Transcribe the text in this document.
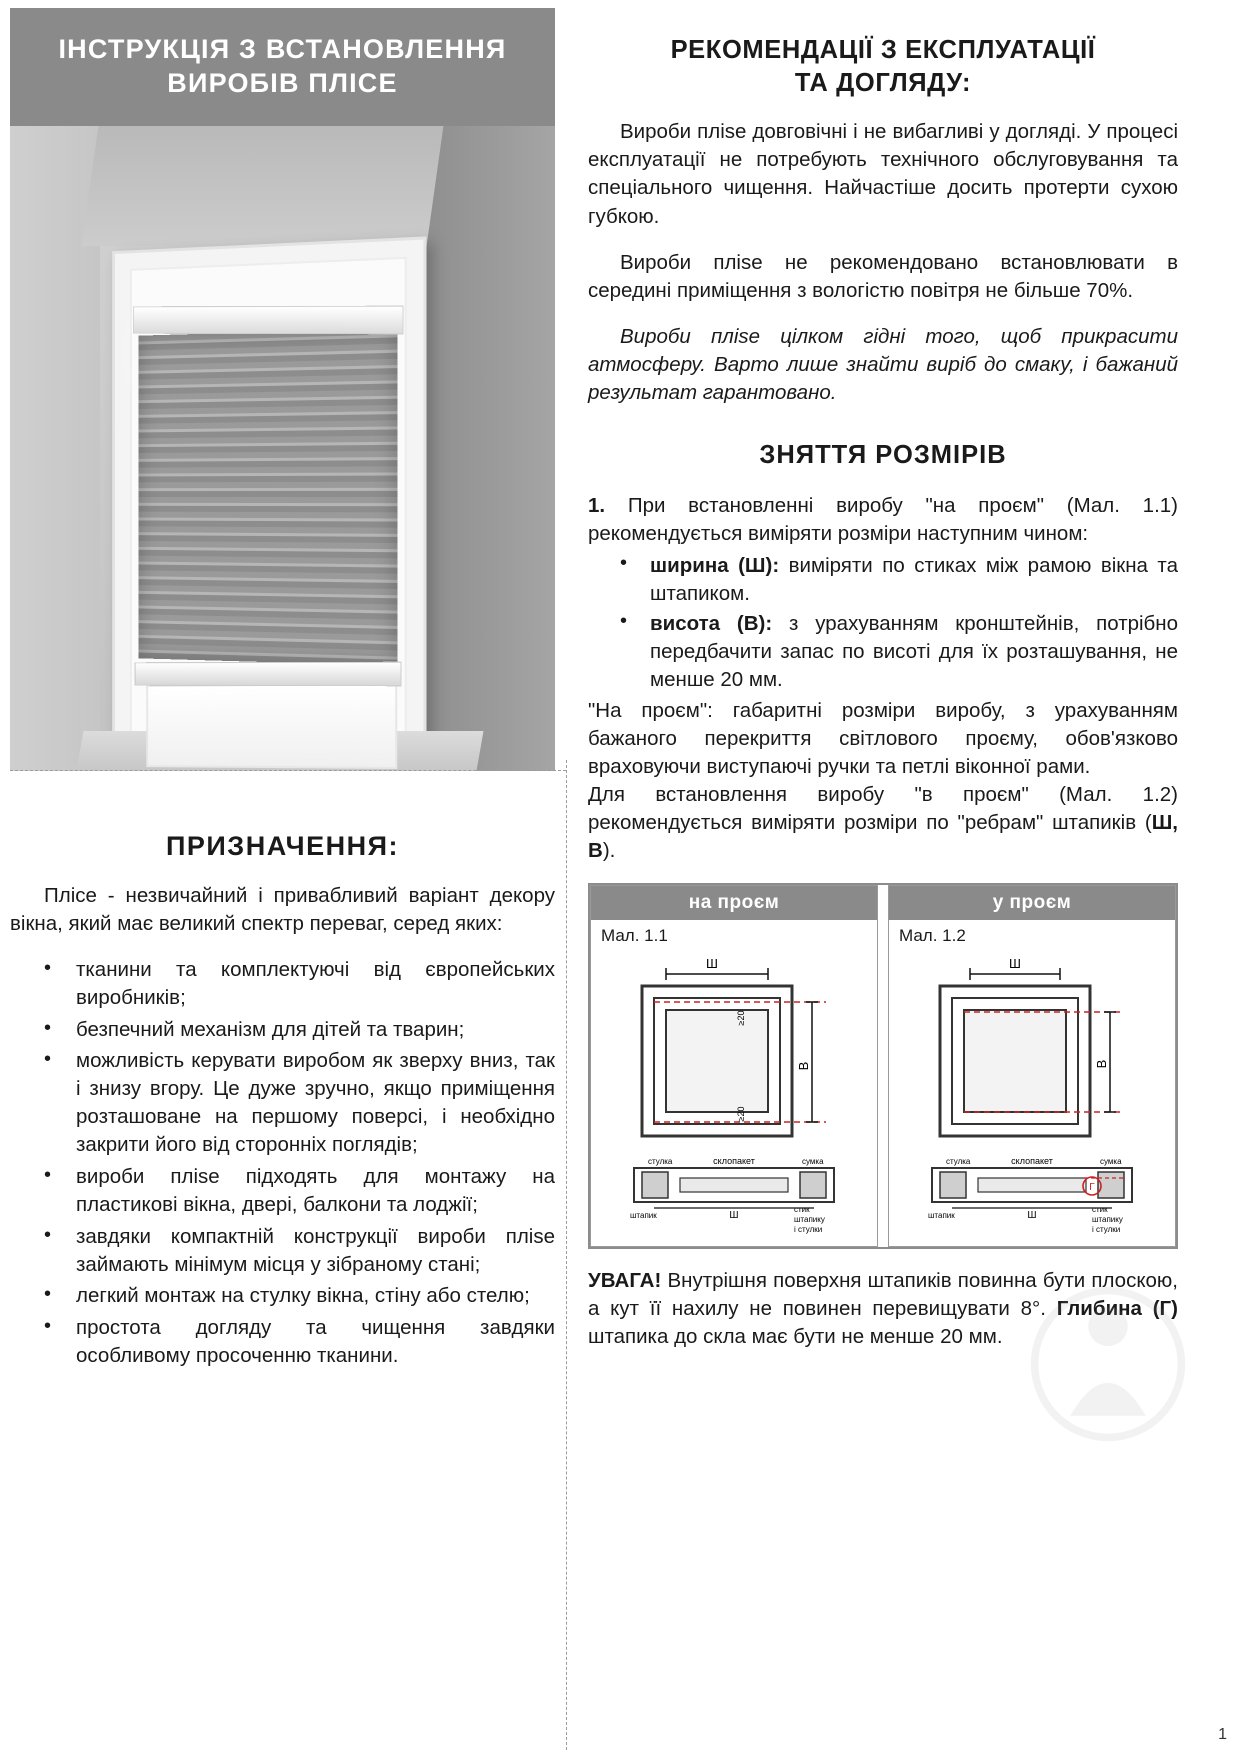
ІНСТРУКЦІЯ З ВСТАНОВЛЕННЯ
ВИРОБІВ ПЛІСЕ
ПРИЗНАЧЕННЯ:
Плісе - незвичайний і привабливий варіант декору вікна, який має великий спектр переваг, серед яких:
• тканини та комплектуючі від європейських виробників;
• безпечний механізм для дітей та тварин;
• можливість керувати виробом як зверху вниз, так і знизу вгору. Це дуже зручно, якщо приміщення розташоване на першому поверсі, і необхідно закрити його від сторонніх поглядів;
• вироби пліse підходять для монтажу на пластикові вікна, двері, балкони та лоджії;
• завдяки компактній конструкції вироби пліse займають мінімум місця у зібраному стані;
• легкий монтаж на стулку вікна, стіну або стелю;
• простота догляду та чищення завдяки особливому просоченню тканини.
РЕКОМЕНДАЦІЇ З ЕКСПЛУАТАЦІЇ
ТА ДОГЛЯДУ:
Вироби пліse довговічні і не вибагливі у догляді. У процесі експлуатації не потребують технічного обслуговування та спеціального чищення. Найчастіше досить протерти сухою губкою.
Вироби пліse не рекомендовано встановлювати в середині приміщення з вологістю повітря не більше 70%.
Вироби пліse цілком гідні того, щоб прикрасити атмосферу. Варто лише знайти виріб до смаку, і бажаний результат гарантовано.
ЗНЯТТЯ РОЗМІРІВ
1. При встановленні виробу "на проєм" (Мал. 1.1) рекомендується виміряти розміри наступним чином:
• ширина (Ш): виміряти по стиках між рамою вікна та штапиком.
• висота (В): з урахуванням кронштейнів, потрібно передбачити запас по висоті для їх розташування, не менше 20 мм.
"На проєм": габаритні розміри виробу, з урахуванням бажаного перекриття світлового проєму, обов'язково враховуючи виступаючі ручки та петлі віконної рами.
Для встановлення виробу "в проєм" (Мал. 1.2) рекомендується виміряти розміри по "ребрам" штапиків (Ш, В).
на проєм
Мал. 1.1
Ш
В
≥20
≥20
склопакет
стулка	сумка
штапик	Ш
стик
штапику
і стулки
у проєм
Мал. 1.2
Ш
В
Г
склопакет
стулка	сумка
штапик	Ш
стик
штапику
і стулки
УВАГА! Внутрішня поверхня штапиків повинна бути плоскою, а кут її нахилу не повинен перевищувати 8°. Глибина (Г) штапика до скла має бути не менше 20 мм.
1
